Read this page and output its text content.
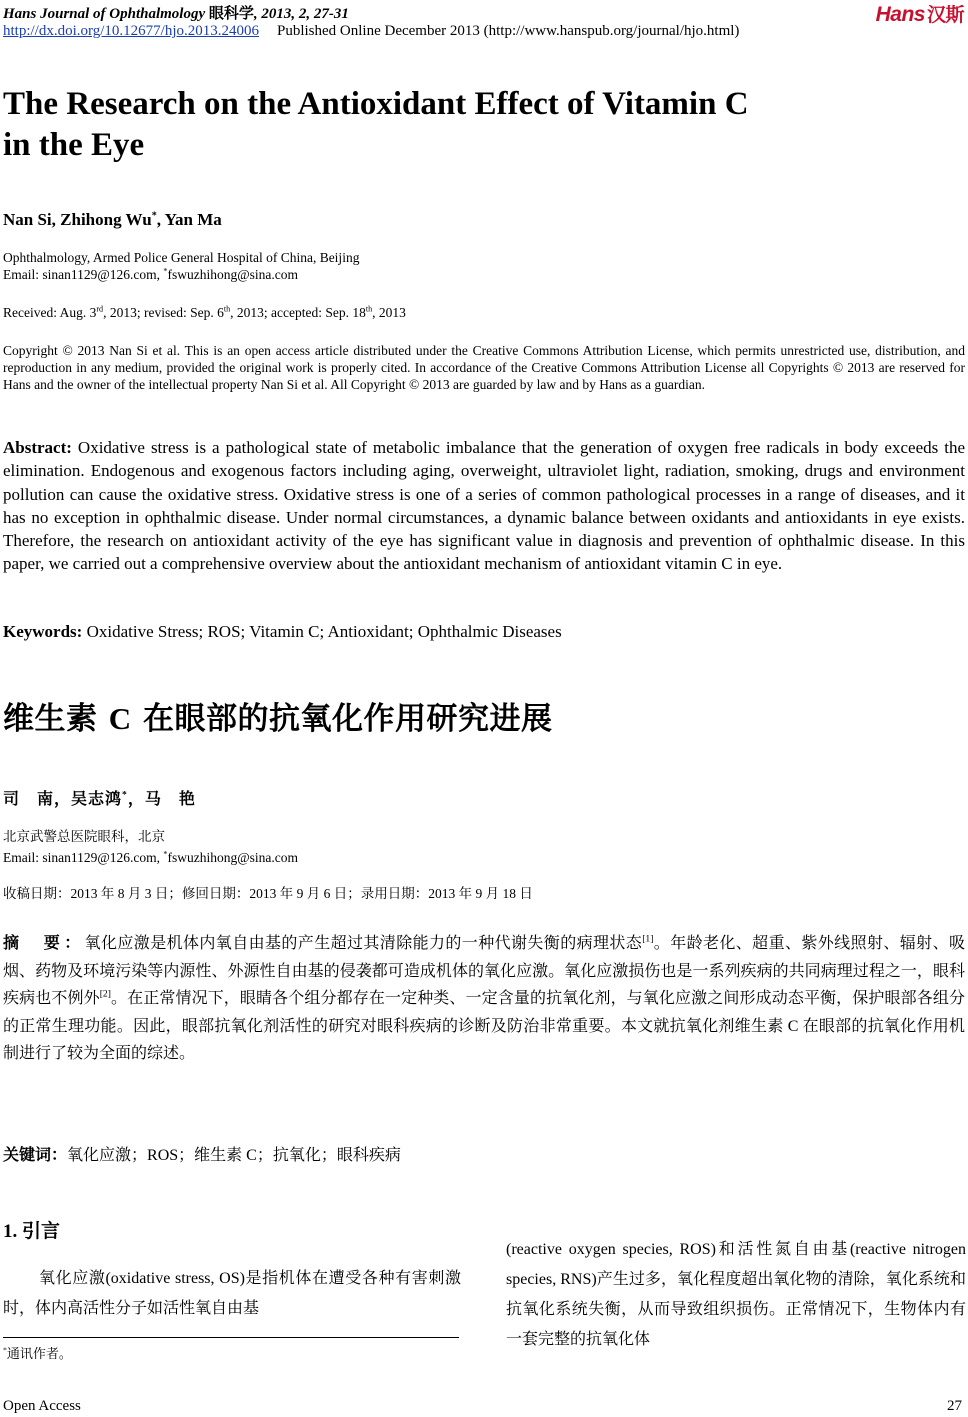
Hans Journal of Ophthalmology 眼科学, 2013, 2, 27-31
http://dx.doi.org/10.12677/hjo.2013.24006 Published Online December 2013 (http://www.hanspub.org/journal/hjo.html)
Hans 汉斯
The Research on the Antioxidant Effect of Vitamin C
in the Eye
Nan Si, Zhihong Wu*, Yan Ma
Ophthalmology, Armed Police General Hospital of China, Beijing
Email: sinan1129@126.com, *fswuzhihong@sina.com
Received: Aug. 3rd, 2013; revised: Sep. 6th, 2013; accepted: Sep. 18th, 2013
Copyright © 2013 Nan Si et al. This is an open access article distributed under the Creative Commons Attribution License, which permits unrestricted use, distribution, and reproduction in any medium, provided the original work is properly cited. In accordance of the Creative Commons Attribution License all Copyrights © 2013 are reserved for Hans and the owner of the intellectual property Nan Si et al. All Copyright © 2013 are guarded by law and by Hans as a guardian.
Abstract: Oxidative stress is a pathological state of metabolic imbalance that the generation of oxygen free radicals in body exceeds the elimination. Endogenous and exogenous factors including aging, overweight, ultraviolet light, radiation, smoking, drugs and environment pollution can cause the oxidative stress. Oxidative stress is one of a series of common pathological processes in a range of diseases, and it has no exception in ophthalmic disease. Under normal circumstances, a dynamic balance between oxidants and antioxidants in eye exists. Therefore, the research on antioxidant activity of the eye has significant value in diagnosis and prevention of ophthalmic disease. In this paper, we carried out a comprehensive overview about the antioxidant mechanism of antioxidant vitamin C in eye.
Keywords: Oxidative Stress; ROS; Vitamin C; Antioxidant; Ophthalmic Diseases
维生素 C 在眼部的抗氧化作用研究进展
司　南，吴志鸿*，马　艳
北京武警总医院眼科，北京
Email: sinan1129@126.com, *fswuzhihong@sina.com
收稿日期：2013 年 8 月 3 日；修回日期：2013 年 9 月 6 日；录用日期：2013 年 9 月 18 日
摘　要：氧化应激是机体内氧自由基的产生超过其清除能力的一种代谢失衡的病理状态[1]。年龄老化、超重、紫外线照射、辐射、吸烟、药物及环境污染等内源性、外源性自由基的侵袭都可造成机体的氧化应激。氧化应激损伤也是一系列疾病的共同病理过程之一，眼科疾病也不例外[2]。在正常情况下，眼睛各个组分都存在一定种类、一定含量的抗氧化剂，与氧化应激之间形成动态平衡，保护眼部各组分的正常生理功能。因此，眼部抗氧化剂活性的研究对眼科疾病的诊断及防治非常重要。本文就抗氧化剂维生素 C 在眼部的抗氧化作用机制进行了较为全面的综述。
关键词：氧化应激；ROS；维生素 C；抗氧化；眼科疾病
1. 引言
氧化应激(oxidative stress, OS)是指机体在遭受各种有害刺激时，体内高活性分子如活性氧自由基
(reactive oxygen species, ROS)和活性氮自由基(reactive nitrogen species, RNS)产生过多，氧化程度超出氧化物的清除，氧化系统和抗氧化系统失衡，从而导致组织损伤。正常情况下，生物体内有一套完整的抗氧化体
*通讯作者。
Open Access	27
